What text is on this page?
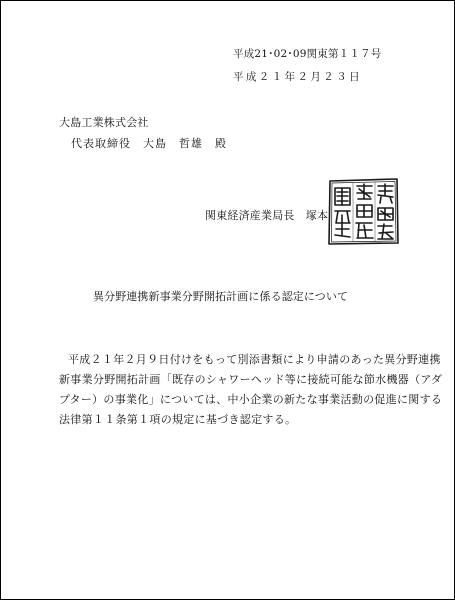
平成21･02･09関東第１１７号
平成２１年２月２３日
大島工業株式会社
代表取締役　大島　哲雄　殿
関東経済産業局長　塚本
異分野連携新事業分野開拓計画に係る認定について
平成２１年２月９日付けをもって別添書類により申請のあった異分野連携
新事業分野開拓計画「既存のシャワーヘッド等に接続可能な節水機器（アダ
プター）の事業化」については、中小企業の新たな事業活動の促進に関する
法律第１１条第１項の規定に基づき認定する。
